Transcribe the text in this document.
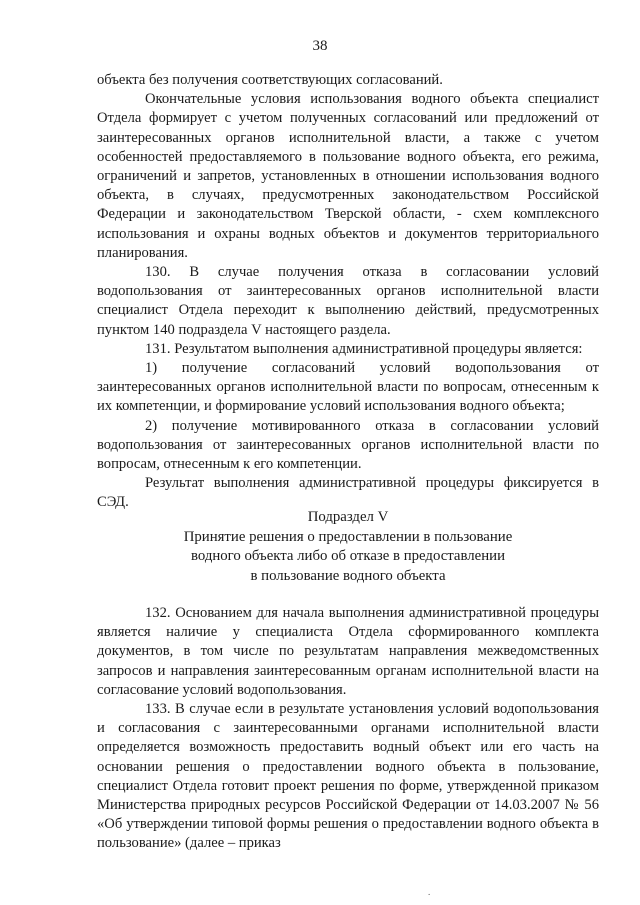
38

объекта без получения соответствующих согласований.

Окончательные условия использования водного объекта специалист Отдела формирует с учетом полученных согласований или предложений от заинтересованных органов исполнительной власти, а также с учетом особенностей предоставляемого в пользование водного объекта, его режима, ограничений и запретов, установленных в отношении использования водного объекта, в случаях, предусмотренных законодательством Российской Федерации и законодательством Тверской области, - схем комплексного использования и охраны водных объектов и документов территориального планирования.

130. В случае получения отказа в согласовании условий водопользования от заинтересованных органов исполнительной власти специалист Отдела переходит к выполнению действий, предусмотренных пунктом 140 подраздела V настоящего раздела.

131. Результатом выполнения административной процедуры является:

1) получение согласований условий водопользования от заинтересованных органов исполнительной власти по вопросам, отнесенным к их компетенции, и формирование условий использования водного объекта;

2) получение мотивированного отказа в согласовании условий водопользования от заинтересованных органов исполнительной власти по вопросам, отнесенным к его компетенции.

Результат выполнения административной процедуры фиксируется в СЭД.

Подраздел V
Принятие решения о предоставлении в пользование
водного объекта либо об отказе в предоставлении
в пользование водного объекта

132. Основанием для начала выполнения административной процедуры является наличие у специалиста Отдела сформированного комплекта документов, в том числе по результатам направления межведомственных запросов и направления заинтересованным органам исполнительной власти на согласование условий водопользования.

133. В случае если в результате установления условий водопользования и согласования с заинтересованными органами исполнительной власти определяется возможность предоставить водный объект или его часть на основании решения о предоставлении водного объекта в пользование, специалист Отдела готовит проект решения по форме, утвержденной приказом Министерства природных ресурсов Российской Федерации от 14.03.2007 № 56 «Об утверждении типовой формы решения о предоставлении водного объекта в пользование» (далее – приказ

.
